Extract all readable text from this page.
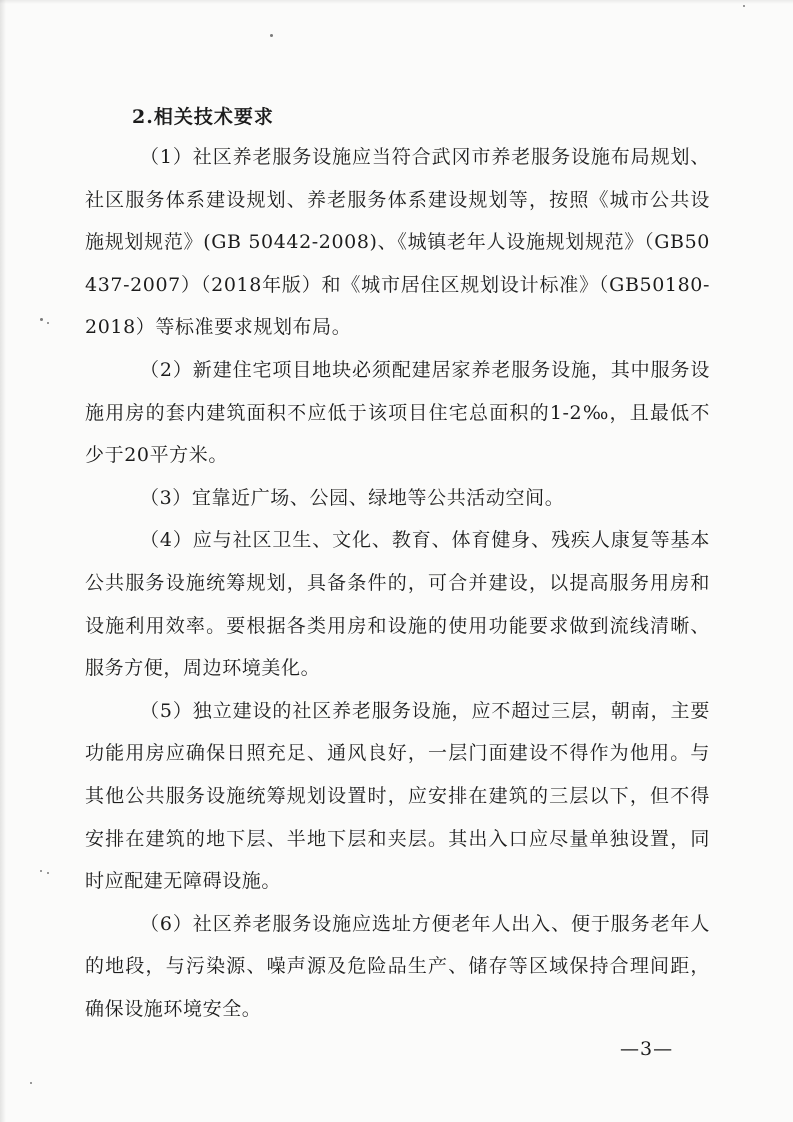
2.相关技术要求

（1）社区养老服务设施应当符合武冈市养老服务设施布局规划、社区服务体系建设规划、养老服务体系建设规划等，按照《城市公共设施规划规范》(GB 50442-2008)、《城镇老年人设施规划规范》（GB50437-2007）（2018年版）和《城市居住区规划设计标准》（GB50180-2018）等标准要求规划布局。

（2）新建住宅项目地块必须配建居家养老服务设施，其中服务设施用房的套内建筑面积不应低于该项目住宅总面积的1-2‰，且最低不少于20平方米。

（3）宜靠近广场、公园、绿地等公共活动空间。

（4）应与社区卫生、文化、教育、体育健身、残疾人康复等基本公共服务设施统筹规划，具备条件的，可合并建设，以提高服务用房和设施利用效率。要根据各类用房和设施的使用功能要求做到流线清晰、服务方便，周边环境美化。

（5）独立建设的社区养老服务设施，应不超过三层，朝南，主要功能用房应确保日照充足、通风良好，一层门面建设不得作为他用。与其他公共服务设施统筹规划设置时，应安排在建筑的三层以下，但不得安排在建筑的地下层、半地下层和夹层。其出入口应尽量单独设置，同时应配建无障碍设施。

（6）社区养老服务设施应选址方便老年人出入、便于服务老年人的地段，与污染源、噪声源及危险品生产、储存等区域保持合理间距，确保设施环境安全。

—3—
